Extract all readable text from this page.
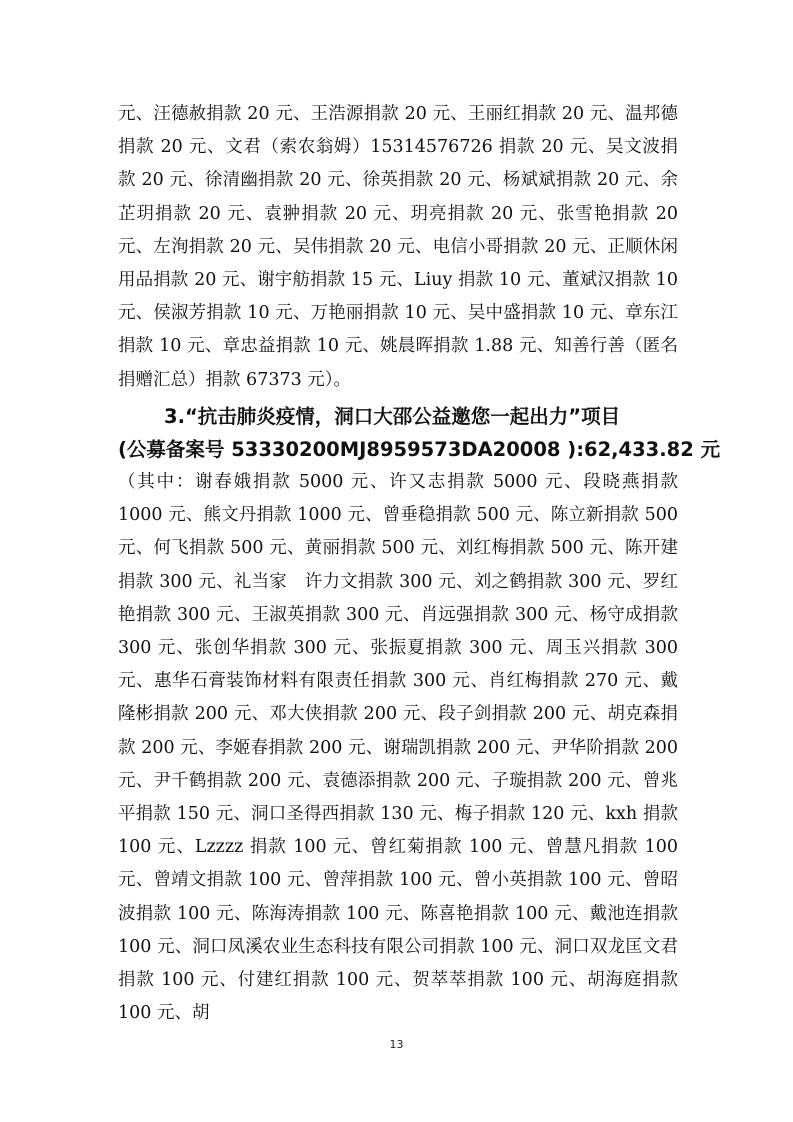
元、汪德赦捐款 20 元、王浩源捐款 20 元、王丽红捐款 20 元、温邦德捐款 20 元、文君（索农翁姆）15314576726 捐款 20 元、吴文波捐款 20 元、徐清幽捐款 20 元、徐英捐款 20 元、杨斌斌捐款 20 元、余芷玥捐款 20 元、袁翀捐款 20 元、玥亮捐款 20 元、张雪艳捐款 20 元、左洵捐款 20 元、吴伟捐款 20 元、电信小哥捐款 20 元、正顺休闲用品捐款 20 元、谢宇舫捐款 15 元、Liuy 捐款 10 元、董斌汉捐款 10 元、侯淑芳捐款 10 元、万艳丽捐款 10 元、吴中盛捐款 10 元、章东江捐款 10 元、章忠益捐款 10 元、姚晨晖捐款 1.88 元、知善行善（匿名捐赠汇总）捐款 67373 元）。

3.“抗击肺炎疫情，洞口大邵公益邀您一起出力”项目
(公募备案号 53330200MJ8959573DA20008 ):62,433.82 元

（其中：谢春娥捐款 5000 元、许又志捐款 5000 元、段晓燕捐款 1000 元、熊文丹捐款 1000 元、曾垂稳捐款 500 元、陈立新捐款 500 元、何飞捐款 500 元、黄丽捐款 500 元、刘红梅捐款 500 元、陈开建捐款 300 元、礼当家　许力文捐款 300 元、刘之鹤捐款 300 元、罗红艳捐款 300 元、王淑英捐款 300 元、肖远强捐款 300 元、杨守成捐款 300 元、张创华捐款 300 元、张振夏捐款 300 元、周玉兴捐款 300 元、惠华石膏装饰材料有限责任捐款 300 元、肖红梅捐款 270 元、戴隆彬捐款 200 元、邓大侠捐款 200 元、段子剑捐款 200 元、胡克森捐款 200 元、李姬春捐款 200 元、谢瑞凯捐款 200 元、尹华阶捐款 200 元、尹千鹤捐款 200 元、袁德添捐款 200 元、子璇捐款 200 元、曾兆平捐款 150 元、洞口圣得西捐款 130 元、梅子捐款 120 元、kxh 捐款 100 元、Lzzzz 捐款 100 元、曾红菊捐款 100 元、曾慧凡捐款 100 元、曾靖文捐款 100 元、曾萍捐款 100 元、曾小英捐款 100 元、曾昭波捐款 100 元、陈海涛捐款 100 元、陈喜艳捐款 100 元、戴池连捐款 100 元、洞口凤溪农业生态科技有限公司捐款 100 元、洞口双龙匡文君捐款 100 元、付建红捐款 100 元、贺萃萃捐款 100 元、胡海庭捐款 100 元、胡

13
